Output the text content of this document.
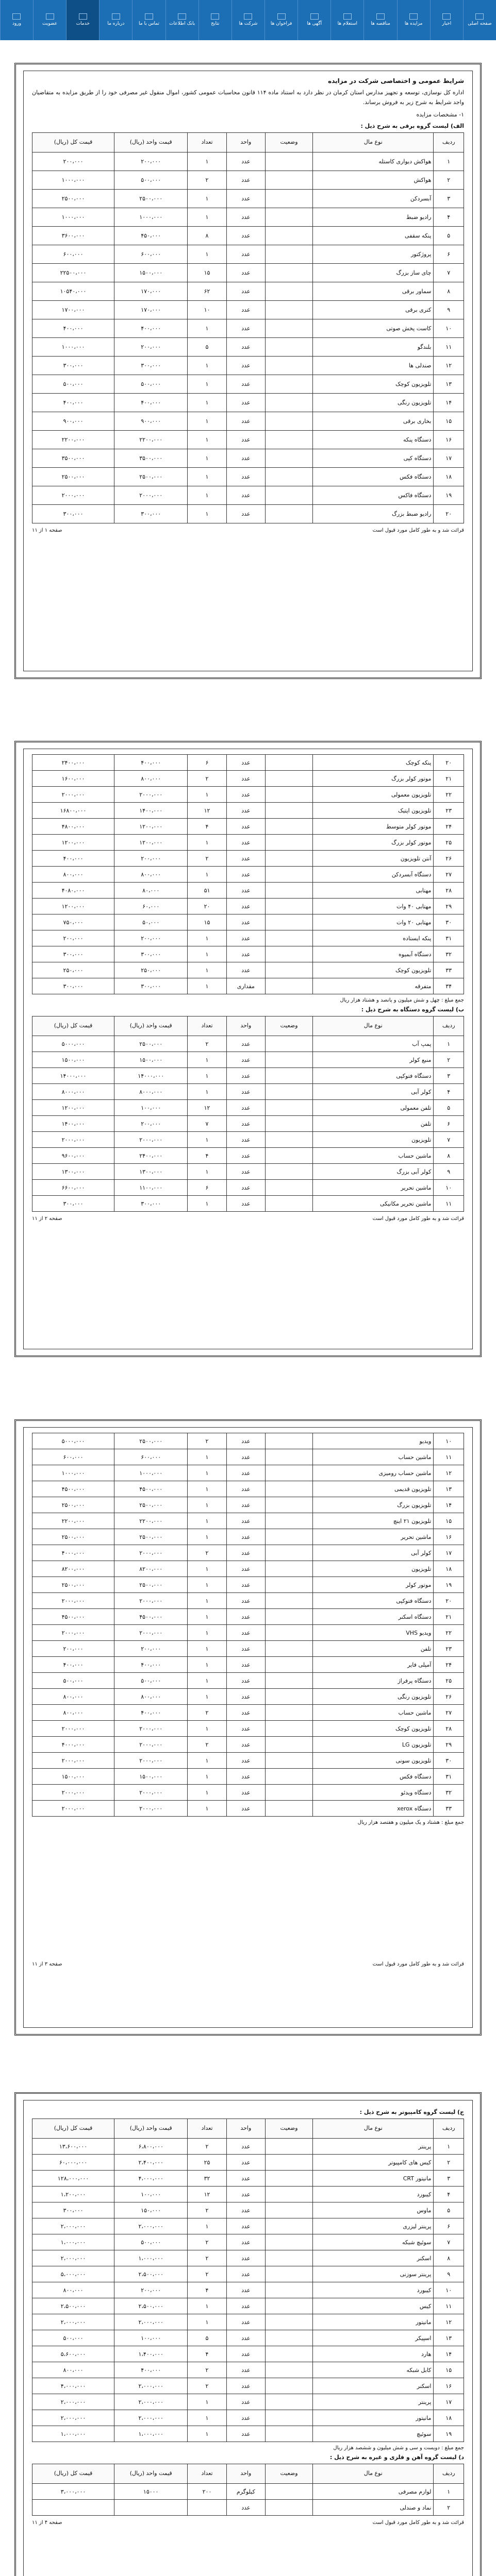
صفحه اصلی
اخبار
مزایده ها
مناقصه ها
استعلام ها
آگهی ها
فراخوان ها
شرکت ها
نتایج
بانک اطلاعات
تماس با ما
درباره ما
خدمات
عضویت
ورود
شرایط عمومی و اختصاصی شرکت در مزایده

اداره کل نوسازی، توسعه و تجهیز مدارس استان کرمان در نظر دارد به استناد ماده ۱۱۴ قانون محاسبات عمومی کشور، اموال منقول غیر مصرفی خود را از طریق مزایده به متقاضیان واجد شرایط به شرح زیر به فروش برساند.

۱- مشخصات مزایده

الف) لیست گروه برقی به شرح ذیل :
ردیف	نوع مال	وضعیت	واحد	تعداد	قیمت واحد (ریال)	قیمت کل (ریال)
۱	هواکش دیواری کاستله		عدد	۱	۲۰۰،۰۰۰	۲۰۰،۰۰۰
۲	هواکش		عدد	۲	۵۰۰،۰۰۰	۱۰۰۰،۰۰۰
۳	آبسردکن		عدد	۱	۲۵۰۰،۰۰۰	۲۵۰۰،۰۰۰
۴	رادیو ضبط		عدد	۱	۱۰۰۰،۰۰۰	۱۰۰۰،۰۰۰
۵	پنکه سقفی		عدد	۸	۴۵۰،۰۰۰	۳۶۰۰،۰۰۰
۶	پروژکتور		عدد	۱	۶۰۰،۰۰۰	۶۰۰،۰۰۰
۷	چای ساز بزرگ		عدد	۱۵	۱۵۰۰،۰۰۰	۲۲۵۰۰،۰۰۰
۸	سماور برقی		عدد	۶۲	۱۷۰،۰۰۰	۱۰۵۴۰،۰۰۰
۹	کتری برقی		عدد	۱۰	۱۷۰،۰۰۰	۱۷۰۰،۰۰۰
۱۰	کاست پخش صوتی		عدد	۱	۴۰۰،۰۰۰	۴۰۰،۰۰۰
۱۱	بلندگو		عدد	۵	۲۰۰،۰۰۰	۱۰۰۰،۰۰۰
۱۲	صندلی ها		عدد	۱	۳۰۰،۰۰۰	۳۰۰،۰۰۰
۱۳	تلویزیون کوچک		عدد	۱	۵۰۰،۰۰۰	۵۰۰،۰۰۰
۱۴	تلویزیون رنگی		عدد	۱	۴۰۰،۰۰۰	۴۰۰،۰۰۰
۱۵	بخاری برقی		عدد	۱	۹۰۰،۰۰۰	۹۰۰،۰۰۰
۱۶	دستگاه پنکه		عدد	۱	۲۲۰۰،۰۰۰	۲۲۰۰،۰۰۰
۱۷	دستگاه کپی		عدد	۱	۳۵۰۰،۰۰۰	۳۵۰۰،۰۰۰
۱۸	دستگاه فکس		عدد	۱	۲۵۰۰،۰۰۰	۲۵۰۰،۰۰۰
۱۹	دستگاه فاکس		عدد	۱	۲۰۰۰،۰۰۰	۲۰۰۰،۰۰۰
۲۰	رادیو ضبط بزرگ		عدد	۱	۳۰۰،۰۰۰	۳۰۰،۰۰۰
قرائت شد و به طور کامل مورد قبول است
صفحه ۱ از ۱۱
۲۰	پنکه کوچک		عدد	۶	۴۰۰،۰۰۰	۲۴۰۰،۰۰۰
۲۱	موتور کولر بزرگ		عدد	۲	۸۰۰،۰۰۰	۱۶۰۰،۰۰۰
۲۲	تلویزیون معمولی		عدد	۱	۲۰۰۰،۰۰۰	۲۰۰۰،۰۰۰
۲۳	تلویزیون اپتیک		عدد	۱۲	۱۴۰۰،۰۰۰	۱۶۸۰۰،۰۰۰
۲۴	موتور کولر متوسط		عدد	۴	۱۲۰۰،۰۰۰	۴۸۰۰،۰۰۰
۲۵	موتور کولر بزرگ		عدد	۱	۱۲۰۰،۰۰۰	۱۲۰۰،۰۰۰
۲۶	آنتن تلویزیون		عدد	۲	۲۰۰،۰۰۰	۴۰۰،۰۰۰
۲۷	دستگاه آبسردکن		عدد	۱	۸۰۰،۰۰۰	۸۰۰،۰۰۰
۲۸	مهتابی		عدد	۵۱	۸۰،۰۰۰	۴۰۸۰،۰۰۰
۲۹	مهتابی ۴۰ وات		عدد	۲۰	۶۰،۰۰۰	۱۲۰۰،۰۰۰
۳۰	مهتابی ۲۰ وات		عدد	۱۵	۵۰،۰۰۰	۷۵۰،۰۰۰
۳۱	پنکه ایستاده		عدد	۱	۲۰۰،۰۰۰	۲۰۰،۰۰۰
۳۲	دستگاه آبمیوه		عدد	۱	۳۰۰،۰۰۰	۳۰۰،۰۰۰
۳۳	تلویزیون کوچک		عدد	۱	۲۵۰،۰۰۰	۲۵۰،۰۰۰
۳۴	متفرقه		مقداری	۱	۳۰۰،۰۰۰	۳۰۰،۰۰۰
جمع مبلغ : چهل و شش میلیون و پانصد و هشتاد هزار ریال
ب) لیست گروه دستگاه به شرح ذیل :
ردیف	نوع مال	وضعیت	واحد	تعداد	قیمت واحد (ریال)	قیمت کل (ریال)
۱	پمپ آب		عدد	۲	۲۵۰۰،۰۰۰	۵۰۰۰،۰۰۰
۲	منبع کولر		عدد	۱	۱۵۰۰،۰۰۰	۱۵۰۰،۰۰۰
۳	دستگاه فتوکپی		عدد	۱	۱۴۰۰۰،۰۰۰	۱۴۰۰۰،۰۰۰
۴	کولر آبی		عدد	۱	۸۰۰۰،۰۰۰	۸۰۰۰،۰۰۰
۵	تلفن معمولی		عدد	۱۲	۱۰۰،۰۰۰	۱۲۰۰،۰۰۰
۶	تلفن		عدد	۷	۲۰۰،۰۰۰	۱۴۰۰،۰۰۰
۷	تلویزیون		عدد	۱	۲۰۰۰،۰۰۰	۲۰۰۰،۰۰۰
۸	ماشین حساب		عدد	۴	۲۴۰۰،۰۰۰	۹۶۰۰،۰۰۰
۹	کولر آبی بزرگ		عدد	۱	۱۳۰۰،۰۰۰	۱۳۰۰،۰۰۰
۱۰	ماشین تحریر		عدد	۶	۱۱۰۰،۰۰۰	۶۶۰۰،۰۰۰
۱۱	ماشین تحریر مکانیکی		عدد	۱	۳۰۰،۰۰۰	۳۰۰،۰۰۰
قرائت شد و به طور کامل مورد قبول است
صفحه ۲ از ۱۱
۱۰	ویدیو		عدد	۲	۲۵۰۰،۰۰۰	۵۰۰۰،۰۰۰
۱۱	ماشین حساب		عدد	۱	۶۰۰،۰۰۰	۶۰۰،۰۰۰
۱۲	ماشین حساب رومیزی		عدد	۱	۱۰۰۰،۰۰۰	۱۰۰۰،۰۰۰
۱۳	تلویزیون قدیمی		عدد	۱	۴۵۰۰،۰۰۰	۴۵۰۰،۰۰۰
۱۴	تلویزیون بزرگ		عدد	۱	۲۵۰۰،۰۰۰	۲۵۰۰،۰۰۰
۱۵	تلویزیون ۲۱ اینچ		عدد	۱	۲۲۰۰،۰۰۰	۲۲۰۰،۰۰۰
۱۶	ماشین تحریر		عدد	۱	۲۵۰۰،۰۰۰	۲۵۰۰،۰۰۰
۱۷	کولر آبی		عدد	۲	۲۰۰۰،۰۰۰	۴۰۰۰،۰۰۰
۱۸	تلویزیون		عدد	۱	۸۲۰۰،۰۰۰	۸۲۰۰،۰۰۰
۱۹	موتور کولر		عدد	۱	۲۵۰۰،۰۰۰	۲۵۰۰،۰۰۰
۲۰	دستگاه فتوکپی		عدد	۱	۲۰۰۰،۰۰۰	۲۰۰۰،۰۰۰
۲۱	دستگاه اسکنر		عدد	۱	۴۵۰۰،۰۰۰	۴۵۰۰،۰۰۰
۲۲	ویدیو VHS		عدد	۱	۲۰۰۰،۰۰۰	۲۰۰۰،۰۰۰
۲۳	تلفن		عدد	۱	۲۰۰،۰۰۰	۲۰۰،۰۰۰
۲۴	آمپلی فایر		عدد	۱	۴۰۰،۰۰۰	۴۰۰،۰۰۰
۲۵	دستگاه پرفراژ		عدد	۱	۵۰۰،۰۰۰	۵۰۰،۰۰۰
۲۶	تلویزیون رنگی		عدد	۱	۸۰۰،۰۰۰	۸۰۰،۰۰۰
۲۷	ماشین حساب		عدد	۲	۴۰۰،۰۰۰	۸۰۰،۰۰۰
۲۸	تلویزیون کوچک		عدد	۱	۲۰۰۰،۰۰۰	۲۰۰۰،۰۰۰
۲۹	تلویزیون LG		عدد	۲	۲۰۰۰،۰۰۰	۴۰۰۰،۰۰۰
۳۰	تلویزیون سونی		عدد	۱	۲۰۰۰،۰۰۰	۲۰۰۰،۰۰۰
۳۱	دستگاه فکس		عدد	۱	۱۵۰۰،۰۰۰	۱۵۰۰،۰۰۰
۳۲	دستگاه ویدئو		عدد	۱	۲۰۰۰،۰۰۰	۲۰۰۰،۰۰۰
۳۳	دستگاه xerox		عدد	۱	۲۰۰۰،۰۰۰	۲۰۰۰،۰۰۰
جمع مبلغ : هشتاد و یک میلیون و هفتصد هزار ریال
قرائت شد و به طور کامل مورد قبول است
صفحه ۳ از ۱۱
ج) لیست گروه کامپیوتر به شرح ذیل :
ردیف	نوع مال	وضعیت	واحد	تعداد	قیمت واحد (ریال)	قیمت کل (ریال)
۱	پرینتر		عدد	۲	۶،۸۰۰،۰۰۰	۱۳،۶۰۰،۰۰۰
۲	کیس های کامپیوتر		عدد	۲۵	۲،۴۰۰،۰۰۰	۶۰،۰۰۰،۰۰۰
۳	مانیتور CRT		عدد	۳۲	۴،۰۰۰،۰۰۰	۱۲۸،۰۰۰،۰۰۰
۴	کیبورد		عدد	۱۲	۱۰۰،۰۰۰	۱،۲۰۰،۰۰۰
۵	ماوس		عدد	۲	۱۵۰،۰۰۰	۳۰۰،۰۰۰
۶	پرینتر لیزری		عدد	۱	۲،۰۰۰،۰۰۰	۲،۰۰۰،۰۰۰
۷	سوئیچ شبکه		عدد	۲	۵۰۰،۰۰۰	۱،۰۰۰،۰۰۰
۸	اسکنر		عدد	۲	۱،۰۰۰،۰۰۰	۲،۰۰۰،۰۰۰
۹	پرینتر سوزنی		عدد	۲	۲،۵۰۰،۰۰۰	۵،۰۰۰،۰۰۰
۱۰	کیبورد		عدد	۴	۲۰۰،۰۰۰	۸۰۰،۰۰۰
۱۱	کیس		عدد	۱	۲،۵۰۰،۰۰۰	۲،۵۰۰،۰۰۰
۱۲	مانیتور		عدد	۱	۲،۰۰۰،۰۰۰	۲،۰۰۰،۰۰۰
۱۳	اسپیکر		عدد	۵	۱۰۰،۰۰۰	۵۰۰،۰۰۰
۱۴	هارد		عدد	۴	۱،۴۰۰،۰۰۰	۵،۶۰۰،۰۰۰
۱۵	کابل شبکه		عدد	۲	۴۰۰،۰۰۰	۸۰۰،۰۰۰
۱۶	اسکنر		عدد	۲	۲،۰۰۰،۰۰۰	۴،۰۰۰،۰۰۰
۱۷	پرینتر		عدد	۱	۲،۰۰۰،۰۰۰	۲،۰۰۰،۰۰۰
۱۸	مانیتور		عدد	۱	۲،۰۰۰،۰۰۰	۲،۰۰۰،۰۰۰
۱۹	سوئیچ		عدد	۱	۱،۰۰۰،۰۰۰	۱،۰۰۰،۰۰۰
جمع مبلغ : دویست و سی و شش میلیون و ششصد هزار ریال
د) لیست گروه آهن و فلزی و غیره به شرح ذیل :
ردیف	نوع مال	وضعیت	واحد	تعداد	قیمت واحد (ریال)	قیمت کل (ریال)
۱	لوازم مصرفی		کیلوگرم	۲۰۰	۱۵۰۰۰	۳،۰۰۰،۰۰۰
۲	نماد و صندلی		عدد			
قرائت شد و به طور کامل مورد قبول است
صفحه ۴ از ۱۱
